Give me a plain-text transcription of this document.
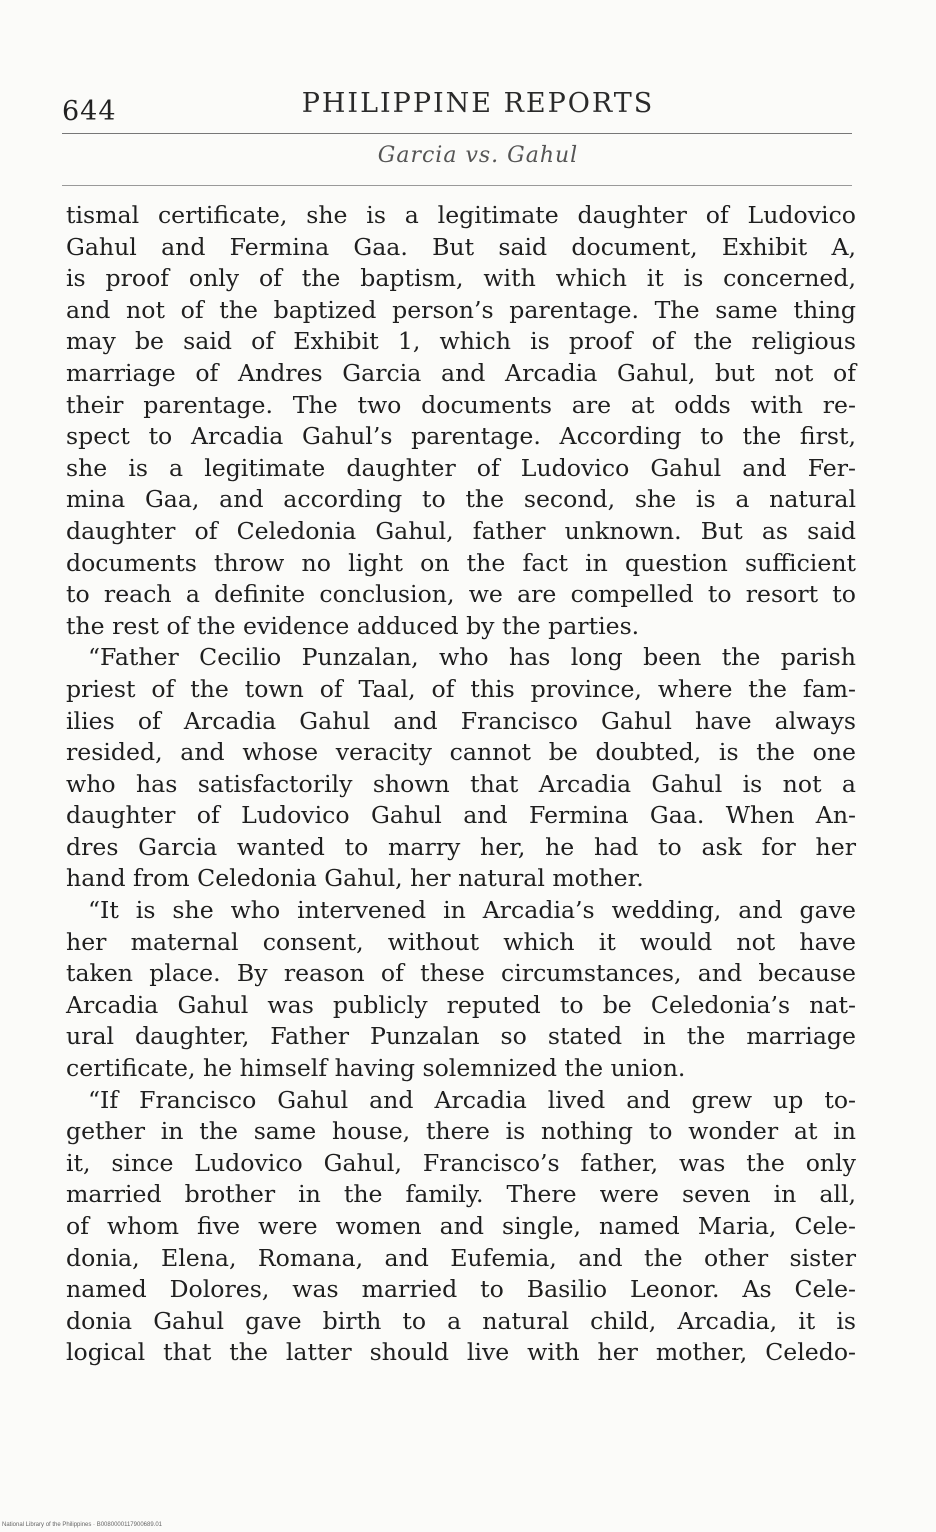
644	PHILIPPINE REPORTS
Garcia vs. Gahul
tismal certificate, she is a legitimate daughter of Ludovico
Gahul and Fermina Gaa. But said document, Exhibit A,
is proof only of the baptism, with which it is concerned,
and not of the baptized person’s parentage. The same thing
may be said of Exhibit 1, which is proof of the religious
marriage of Andres Garcia and Arcadia Gahul, but not of
their parentage. The two documents are at odds with re-
spect to Arcadia Gahul’s parentage. According to the first,
she is a legitimate daughter of Ludovico Gahul and Fer-
mina Gaa, and according to the second, she is a natural
daughter of Celedonia Gahul, father unknown. But as said
documents throw no light on the fact in question sufficient
to reach a definite conclusion, we are compelled to resort to
the rest of the evidence adduced by the parties.
“Father Cecilio Punzalan, who has long been the parish
priest of the town of Taal, of this province, where the fam-
ilies of Arcadia Gahul and Francisco Gahul have always
resided, and whose veracity cannot be doubted, is the one
who has satisfactorily shown that Arcadia Gahul is not a
daughter of Ludovico Gahul and Fermina Gaa. When An-
dres Garcia wanted to marry her, he had to ask for her
hand from Celedonia Gahul, her natural mother.
“It is she who intervened in Arcadia’s wedding, and gave
her maternal consent, without which it would not have
taken place. By reason of these circumstances, and because
Arcadia Gahul was publicly reputed to be Celedonia’s nat-
ural daughter, Father Punzalan so stated in the marriage
certificate, he himself having solemnized the union.
“If Francisco Gahul and Arcadia lived and grew up to-
gether in the same house, there is nothing to wonder at in
it, since Ludovico Gahul, Francisco’s father, was the only
married brother in the family. There were seven in all,
of whom five were women and single, named Maria, Cele-
donia, Elena, Romana, and Eufemia, and the other sister
named Dolores, was married to Basilio Leonor. As Cele-
donia Gahul gave birth to a natural child, Arcadia, it is
logical that the latter should live with her mother, Celedo-
National Library of the Philippines · B0080000117900689.01
